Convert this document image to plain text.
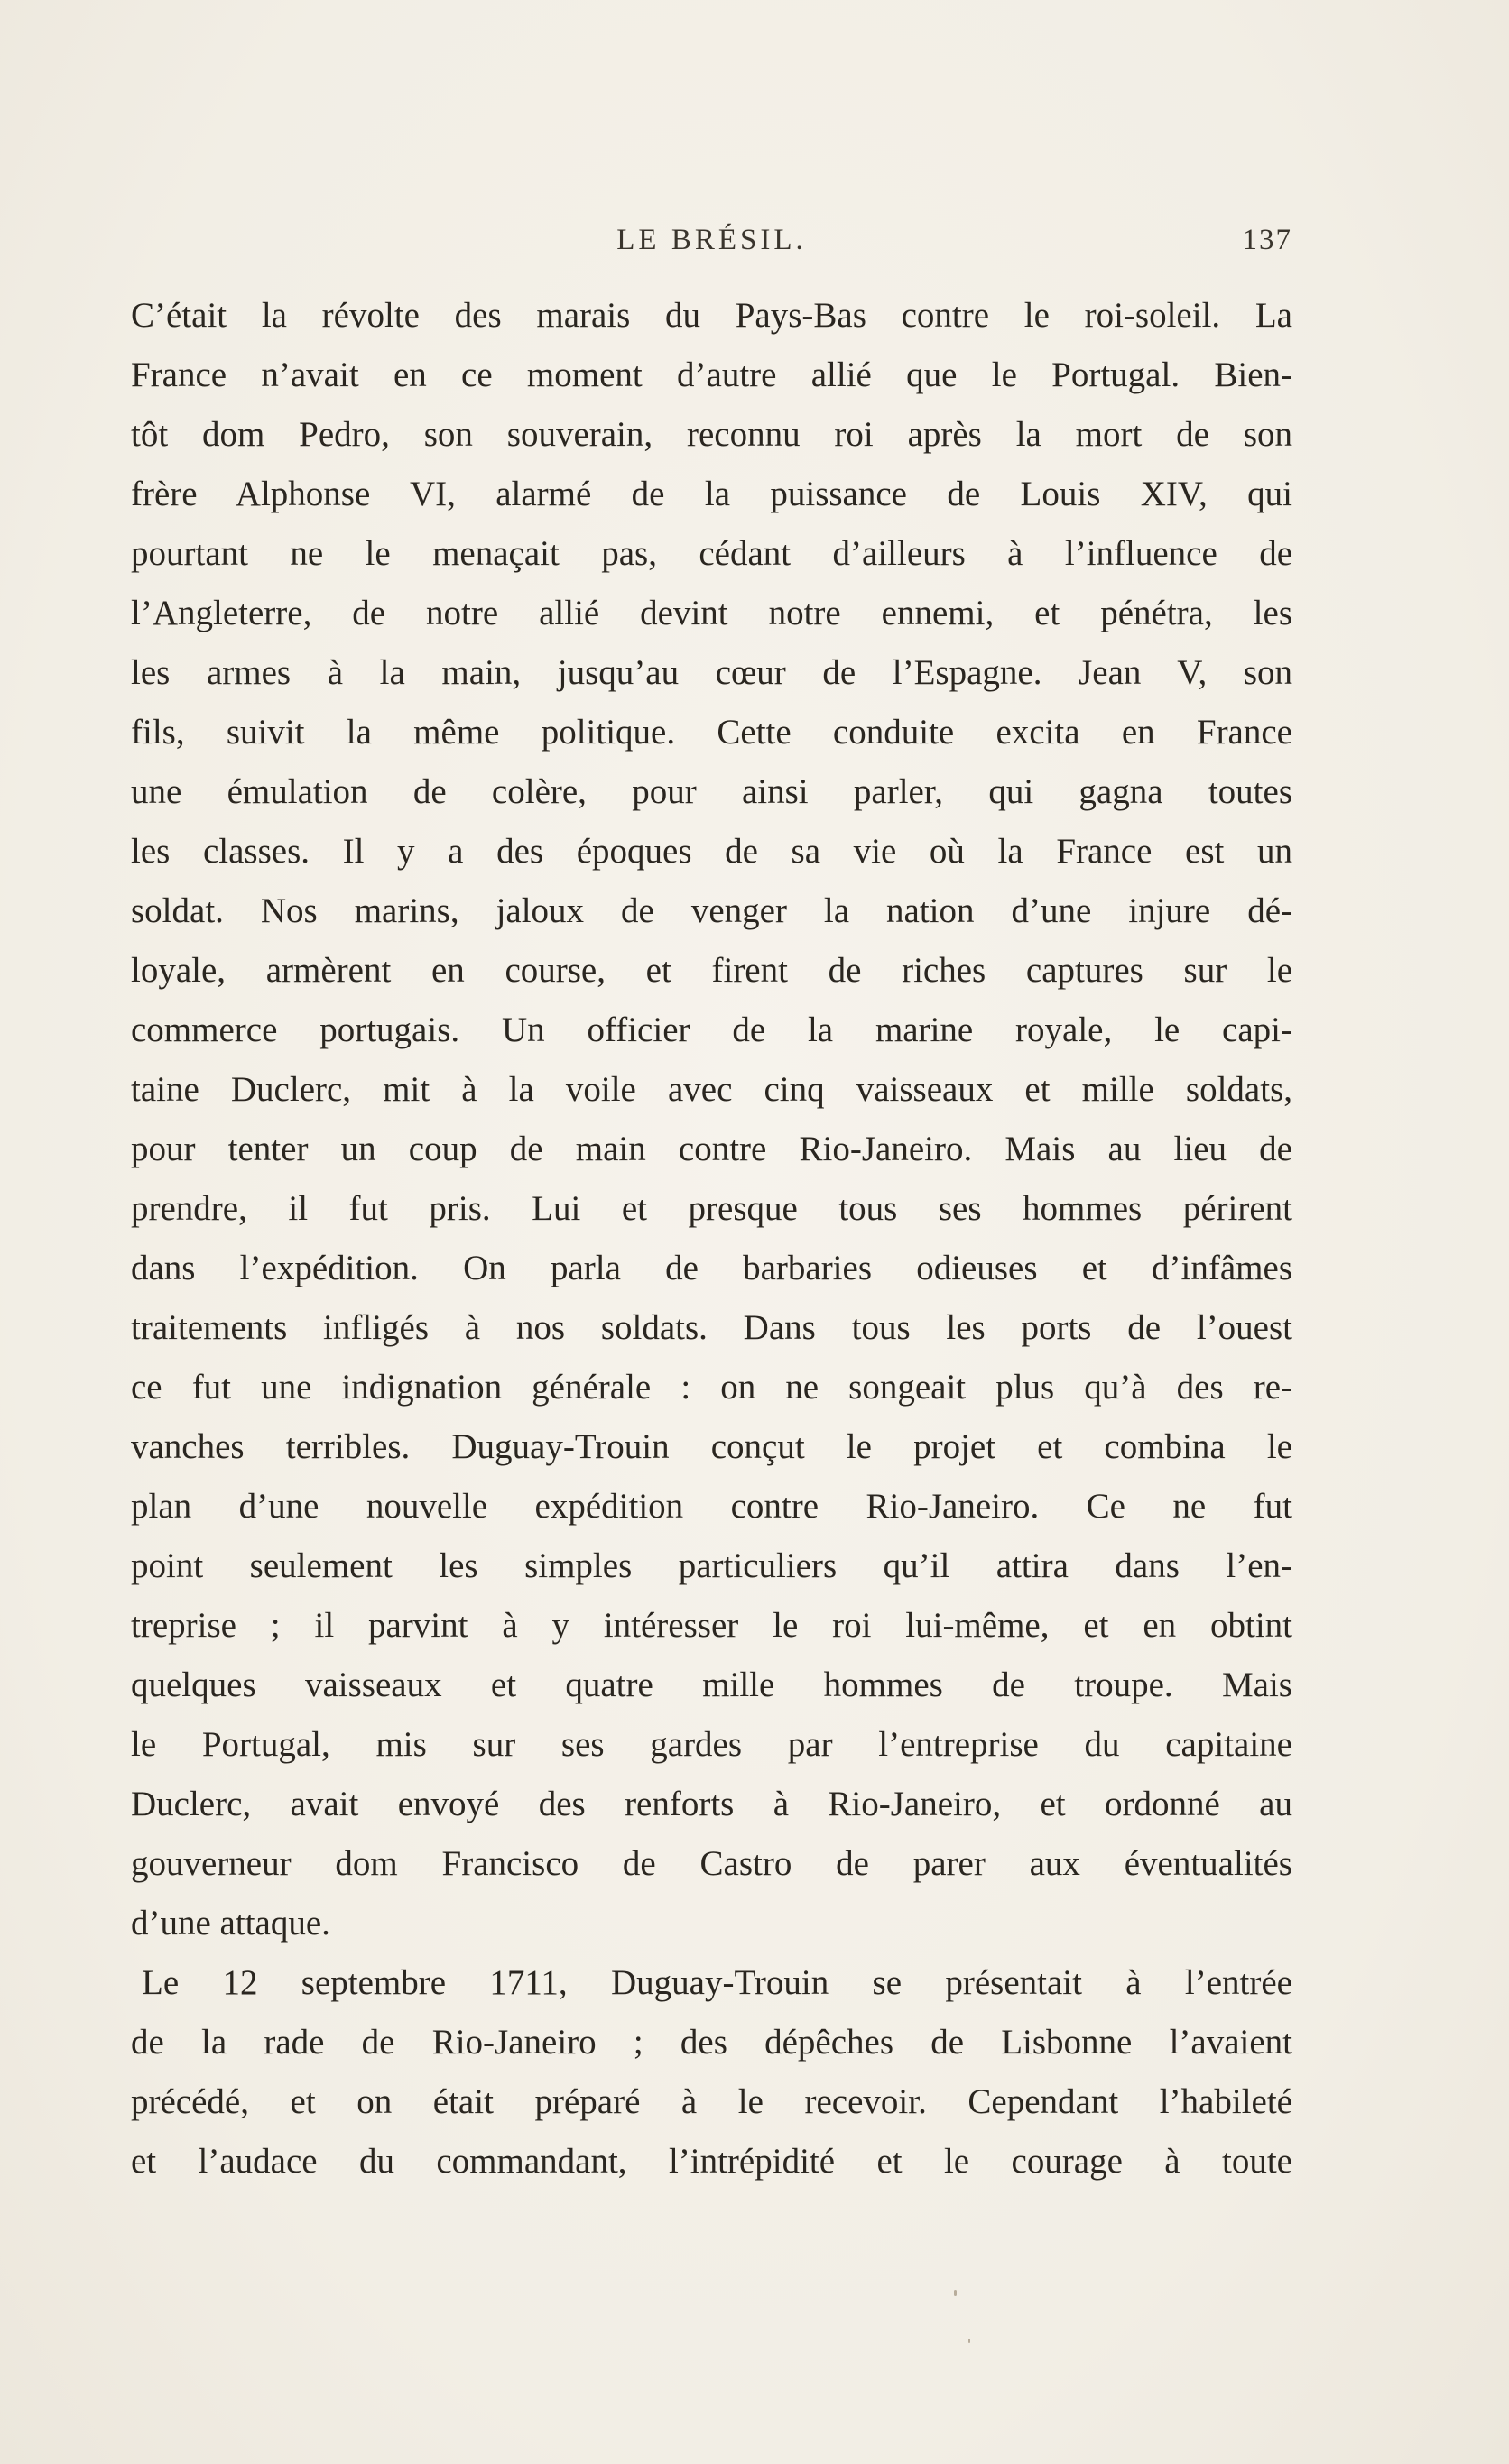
LE BRÉSIL.	137
C’était la révolte des marais du Pays-Bas contre le roi-soleil. La
France n’avait en ce moment d’autre allié que le Portugal. Bien-
tôt dom Pedro, son souverain, reconnu roi après la mort de son
frère Alphonse VI, alarmé de la puissance de Louis XIV, qui
pourtant ne le menaçait pas, cédant d’ailleurs à l’influence de
l’Angleterre, de notre allié devint notre ennemi, et pénétra, les
les armes à la main, jusqu’au cœur de l’Espagne. Jean V, son
fils, suivit la même politique. Cette conduite excita en France
une émulation de colère, pour ainsi parler, qui gagna toutes
les classes. Il y a des époques de sa vie où la France est un
soldat. Nos marins, jaloux de venger la nation d’une injure dé-
loyale, armèrent en course, et firent de riches captures sur le
commerce portugais. Un officier de la marine royale, le capi-
taine Duclerc, mit à la voile avec cinq vaisseaux et mille soldats,
pour tenter un coup de main contre Rio-Janeiro. Mais au lieu de
prendre, il fut pris. Lui et presque tous ses hommes périrent
dans l’expédition. On parla de barbaries odieuses et d’infâmes
traitements infligés à nos soldats. Dans tous les ports de l’ouest
ce fut une indignation générale : on ne songeait plus qu’à des re-
vanches terribles. Duguay-Trouin conçut le projet et combina le
plan d’une nouvelle expédition contre Rio-Janeiro. Ce ne fut
point seulement les simples particuliers qu’il attira dans l’en-
treprise ; il parvint à y intéresser le roi lui-même, et en obtint
quelques vaisseaux et quatre mille hommes de troupe. Mais
le Portugal, mis sur ses gardes par l’entreprise du capitaine
Duclerc, avait envoyé des renforts à Rio-Janeiro, et ordonné au
gouverneur dom Francisco de Castro de parer aux éventualités
d’une attaque.
Le 12 septembre 1711, Duguay-Trouin se présentait à l’entrée
de la rade de Rio-Janeiro ; des dépêches de Lisbonne l’avaient
précédé, et on était préparé à le recevoir. Cependant l’habileté
et l’audace du commandant, l’intrépidité et le courage à toute
